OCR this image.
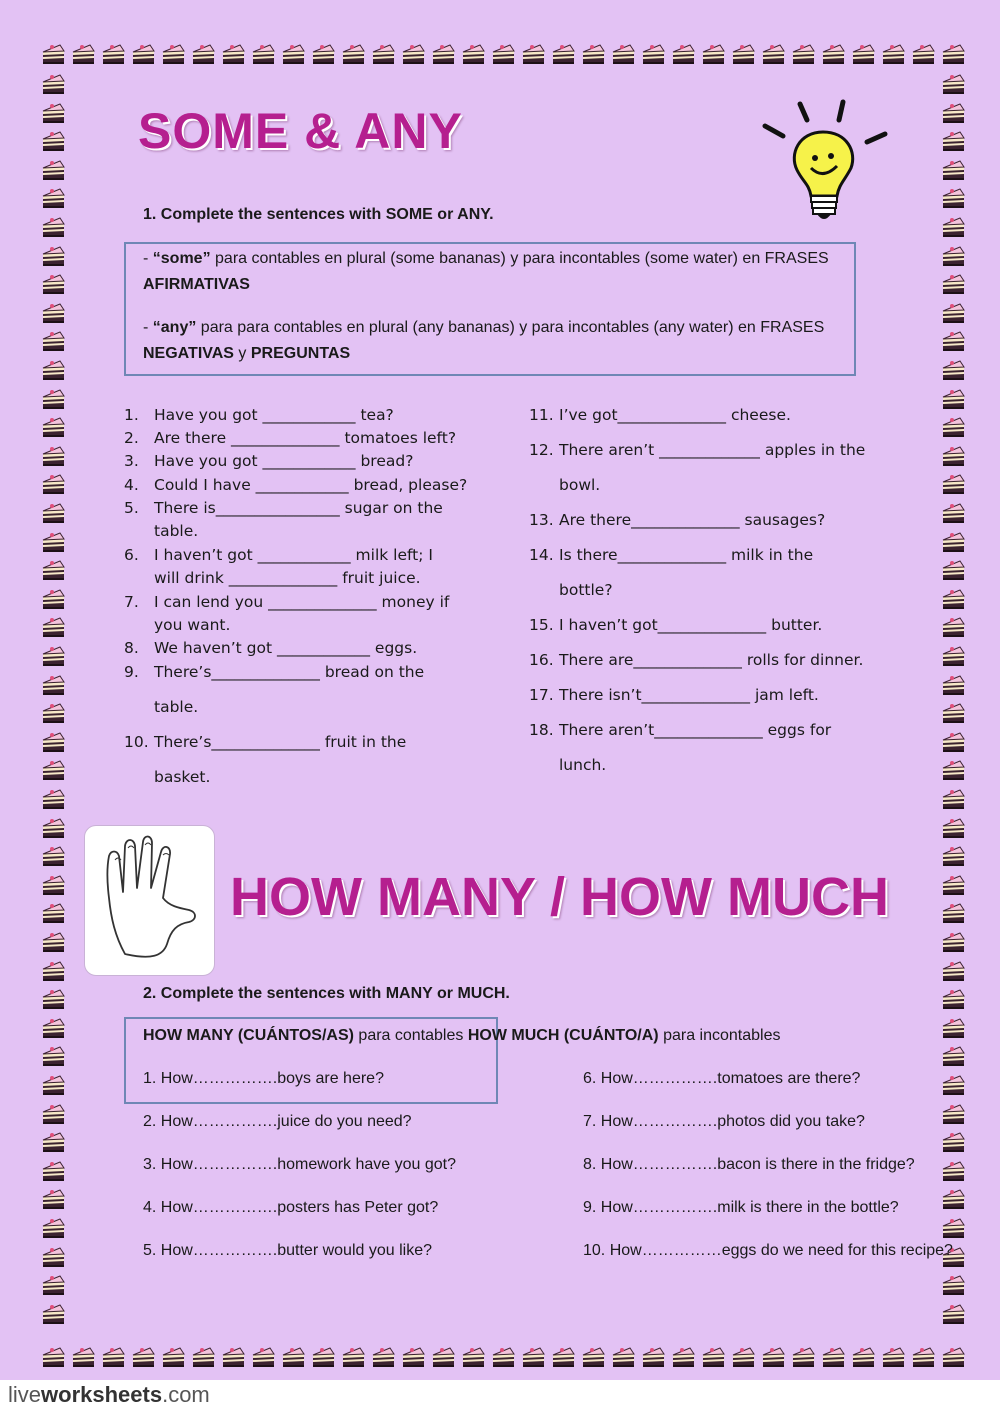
SOME & ANY
1. Complete the sentences with SOME or ANY.
- “some” para contables en plural (some bananas) y para incontables (some water) en FRASES
AFIRMATIVAS
- “any” para para contables en plural (any bananas) y para incontables (any water) en FRASES
NEGATIVAS y PREGUNTAS
1. Have you got ____________ tea?
2. Are there ______________ tomatoes left?
3. Have you got ____________ bread?
4. Could I have ____________ bread, please?
5. There is________________ sugar on the
table.
6. I haven’t got ____________ milk left; I
will drink ______________ fruit juice.
7. I can lend you ______________ money if
you want.
8. We haven’t got ____________ eggs.
9. There’s______________ bread on the
table.
10. There’s______________ fruit in the
basket.
11. I’ve got______________ cheese.
12. There aren’t _____________ apples in the
bowl.
13. Are there______________ sausages?
14. Is there______________ milk in the
bottle?
15. I haven’t got______________ butter.
16. There are______________ rolls for dinner.
17. There isn’t______________ jam left.
18. There aren’t______________ eggs for
lunch.
HOW MANY / HOW MUCH
2. Complete the sentences with MANY or MUCH.
HOW MANY (CUÁNTOS/AS) para contables HOW MUCH (CUÁNTO/A) para incontables
1. How…………….boys are here?
2. How…………….juice do you need?
3. How…………….homework have you got?
4. How…………….posters has Peter got?
5. How…………….butter would you like?
6. How…………….tomatoes are there?
7. How…………….photos did you take?
8. How…………….bacon is there in the fridge?
9. How…………….milk is there in the bottle?
10. How……………eggs do we need for this recipe?
liveworksheets.com
